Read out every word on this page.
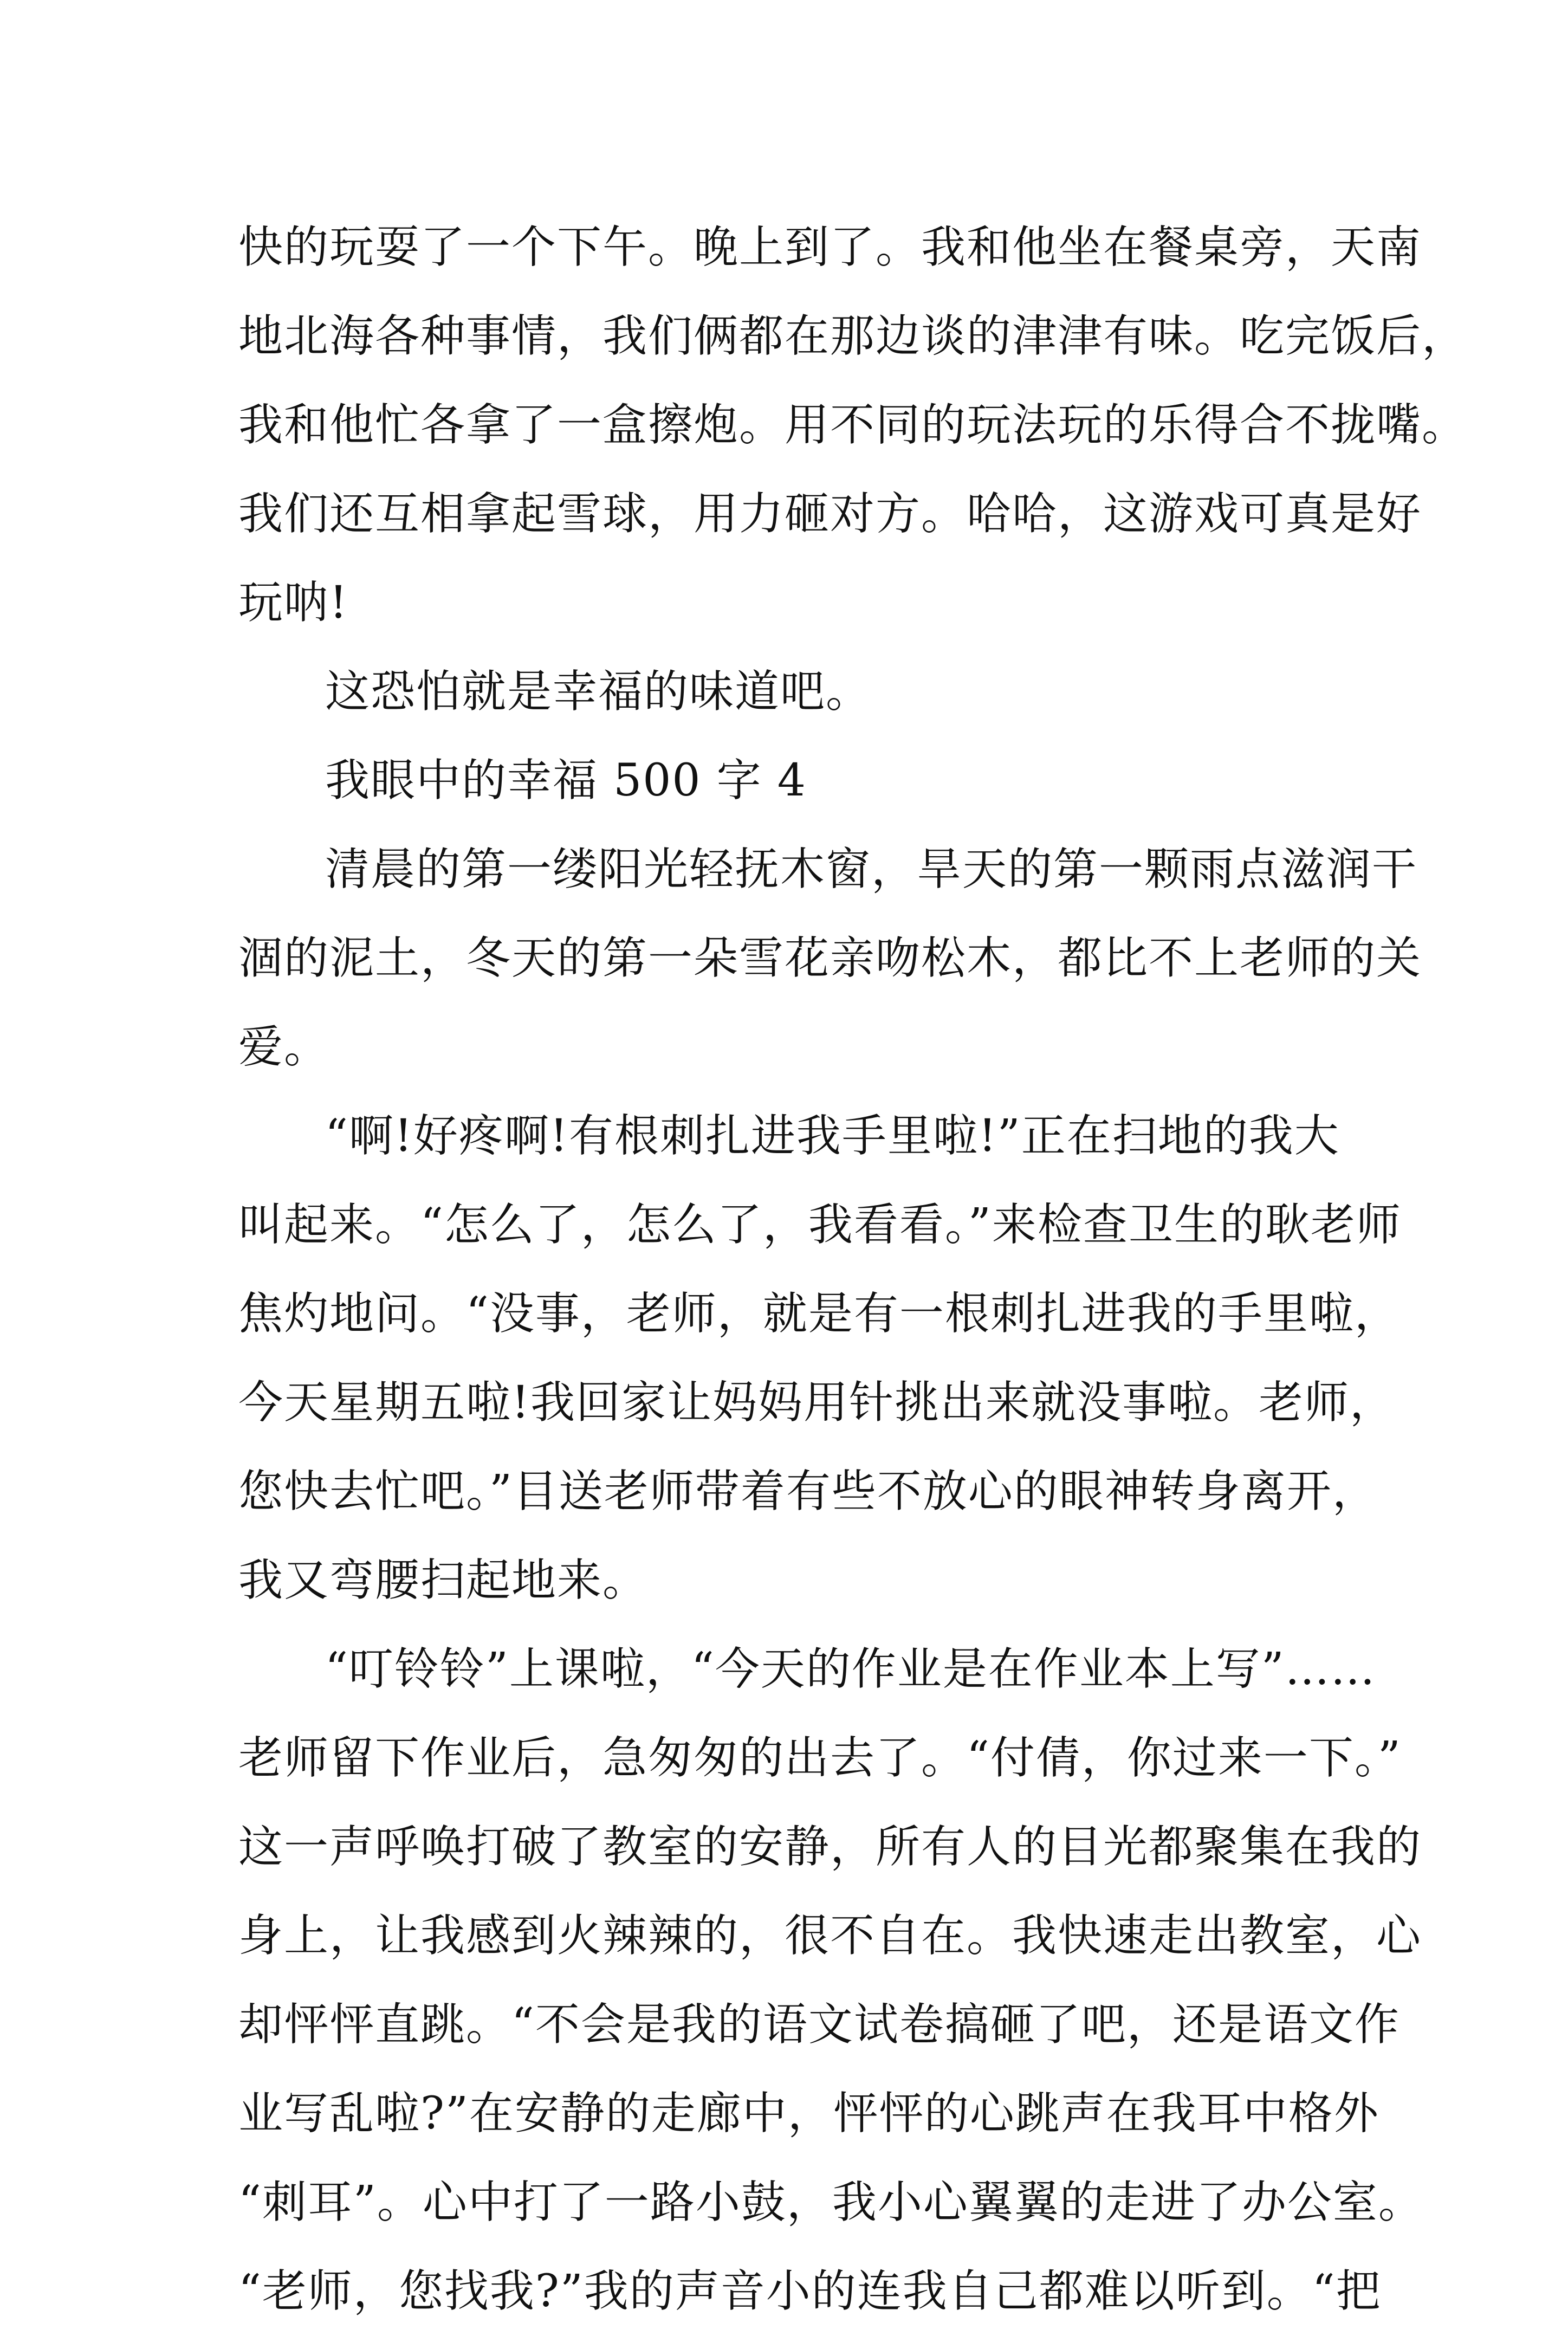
快的玩耍了一个下午。晚上到了。我和他坐在餐桌旁，天南
地北海各种事情，我们俩都在那边谈的津津有味。吃完饭后，
我和他忙各拿了一盒擦炮。用不同的玩法玩的乐得合不拢嘴。
我们还互相拿起雪球，用力砸对方。哈哈，这游戏可真是好
玩呐!
这恐怕就是幸福的味道吧。
我眼中的幸福 500 字 4
清晨的第一缕阳光轻抚木窗，旱天的第一颗雨点滋润干
涸的泥土，冬天的第一朵雪花亲吻松木，都比不上老师的关
爱。
“啊!好疼啊!有根刺扎进我手里啦!”正在扫地的我大
叫起来。“怎么了，怎么了，我看看。”来检查卫生的耿老师
焦灼地问。“没事，老师，就是有一根刺扎进我的手里啦，
今天星期五啦!我回家让妈妈用针挑出来就没事啦。老师，
您快去忙吧。”目送老师带着有些不放心的眼神转身离开，
我又弯腰扫起地来。
“叮铃铃”上课啦，“今天的作业是在作业本上写”……
老师留下作业后，急匆匆的出去了。“付倩，你过来一下。”
这一声呼唤打破了教室的安静，所有人的目光都聚集在我的
身上，让我感到火辣辣的，很不自在。我快速走出教室，心
却怦怦直跳。“不会是我的语文试卷搞砸了吧，还是语文作
业写乱啦?”在安静的走廊中，怦怦的心跳声在我耳中格外
“刺耳”。心中打了一路小鼓，我小心翼翼的走进了办公室。
“老师，您找我?”我的声音小的连我自己都难以听到。“把
